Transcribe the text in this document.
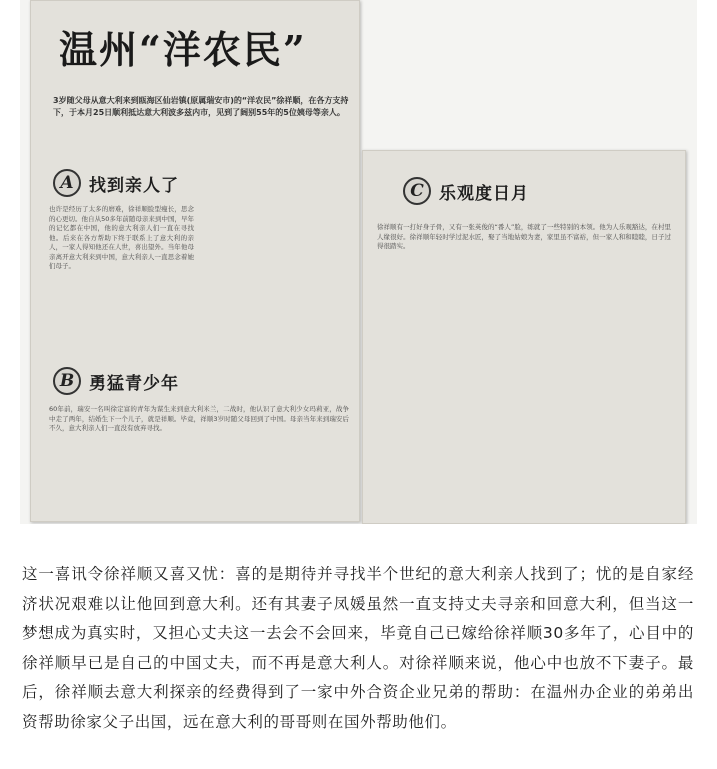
温州“洋农民”
3岁随父母从意大利来到瓯海区仙岩镇(原属瑞安市)的“洋农民”徐祥顺，在各方支持下，于本月25日顺利抵达意大利波多兹内市，见到了阔别55年的5位姨母等亲人。
A 找到亲人了
也许是经历了太多的磨难，徐祥顺脸型瘦长，思念的心更切。他自从50多年前随母亲来到中国，早年的记忆都在中国，他的意大利亲人们一直在寻找他。后来在各方帮助下终于联系上了意大利的亲人，一家人得知他还在人世，喜出望外。当年他母亲离开意大利来到中国，意大利亲人一直思念着她们母子。
B 勇猛青少年
60年前，瑞安一名叫徐定富的青年为谋生来到意大利米兰，二战时，他认识了意大利少女玛莉亚，战争中走了两年，结婚生下一个儿子，就是祥顺。毕竟，祥顺3岁时随父母回到了中国。母亲当年来到瑞安后不久，意大利亲人们一直没有放弃寻找。
C 乐观度日月
徐祥顺有一打好身子骨，又有一张英俊的“番人”脸，练就了一些特别的本领。他为人乐观豁达，在村里人缘很好。徐祥顺年轻时学过泥水匠，娶了当地姑娘为妻，家里虽不富裕，但一家人和和睦睦，日子过得很踏实。

这一喜讯令徐祥顺又喜又忧：喜的是期待并寻找半个世纪的意大利亲人找到了；忧的是自家经济状况艰难以让他回到意大利。还有其妻子凤媛虽然一直支持丈夫寻亲和回意大利，但当这一梦想成为真实时，又担心丈夫这一去会不会回来，毕竟自己已嫁给徐祥顺30多年了，心目中的徐祥顺早已是自己的中国丈夫，而不再是意大利人。对徐祥顺来说，他心中也放不下妻子。最后，徐祥顺去意大利探亲的经费得到了一家中外合资企业兄弟的帮助：在温州办企业的弟弟出资帮助徐家父子出国，远在意大利的哥哥则在国外帮助他们。
